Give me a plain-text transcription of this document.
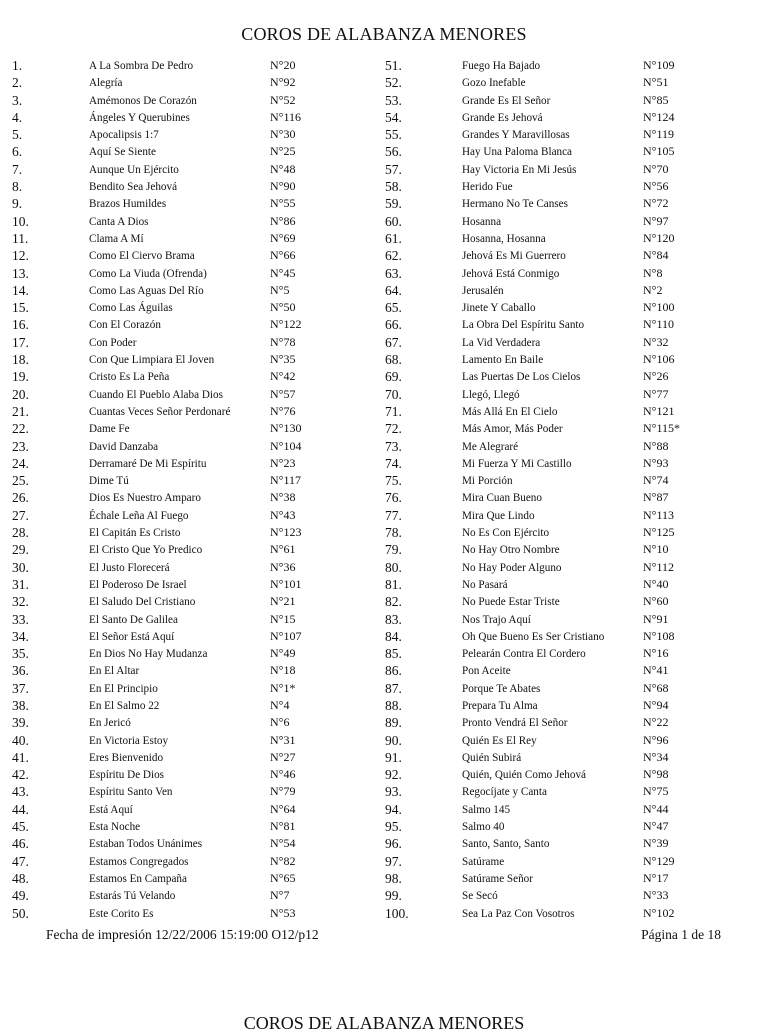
COROS DE ALABANZA MENORES
1.	A La Sombra De Pedro	N°20
2.	Alegría	N°92
3.	Amémonos De Corazón	N°52
4.	Ángeles Y Querubines	N°116
5.	Apocalipsis 1:7	N°30
6.	Aquí Se Siente	N°25
7.	Aunque Un Ejército	N°48
8.	Bendito Sea Jehová	N°90
9.	Brazos Humildes	N°55
10.	Canta A Dios	N°86
11.	Clama A Mí	N°69
12.	Como El Ciervo Brama	N°66
13.	Como La Viuda (Ofrenda)	N°45
14.	Como Las Aguas Del Río	N°5
15.	Como Las Águilas	N°50
16.	Con El Corazón	N°122
17.	Con Poder	N°78
18.	Con Que Limpiara El Joven	N°35
19.	Cristo Es La Peña	N°42
20.	Cuando El Pueblo Alaba Dios	N°57
21.	Cuantas Veces Señor Perdonaré	N°76
22.	Dame Fe	N°130
23.	David Danzaba	N°104
24.	Derramaré De Mi Espíritu	N°23
25.	Dime Tú	N°117
26.	Dios Es Nuestro Amparo	N°38
27.	Échale Leña Al Fuego	N°43
28.	El Capitán Es Cristo	N°123
29.	El Cristo Que Yo Predico	N°61
30.	El Justo Florecerá	N°36
31.	El Poderoso De Israel	N°101
32.	El Saludo Del Cristiano	N°21
33.	El Santo De Galilea	N°15
34.	El Señor Está Aquí	N°107
35.	En Dios No Hay Mudanza	N°49
36.	En El Altar	N°18
37.	En El Principio	N°1*
38.	En El Salmo 22	N°4
39.	En Jericó	N°6
40.	En Victoria Estoy	N°31
41.	Eres Bienvenido	N°27
42.	Espíritu De Dios	N°46
43.	Espíritu Santo Ven	N°79
44.	Está Aquí	N°64
45.	Esta Noche	N°81
46.	Estaban Todos Unánimes	N°54
47.	Estamos Congregados	N°82
48.	Estamos En Campaña	N°65
49.	Estarás Tú Velando	N°7
50.	Este Corito Es	N°53
51.	Fuego Ha Bajado	N°109
52.	Gozo Inefable	N°51
53.	Grande Es El Señor	N°85
54.	Grande Es Jehová	N°124
55.	Grandes Y Maravillosas	N°119
56.	Hay Una Paloma Blanca	N°105
57.	Hay Victoria En Mi Jesús	N°70
58.	Herido Fue	N°56
59.	Hermano No Te Canses	N°72
60.	Hosanna	N°97
61.	Hosanna, Hosanna	N°120
62.	Jehová Es Mi Guerrero	N°84
63.	Jehová Está Conmigo	N°8
64.	Jerusalén	N°2
65.	Jinete Y Caballo	N°100
66.	La Obra Del Espíritu Santo	N°110
67.	La Vid Verdadera	N°32
68.	Lamento En Baile	N°106
69.	Las Puertas De Los Cielos	N°26
70.	Llegó, Llegó	N°77
71.	Más Allá En El Cielo	N°121
72.	Más Amor, Más Poder	N°115*
73.	Me Alegraré	N°88
74.	Mi Fuerza Y Mi Castillo	N°93
75.	Mi Porción	N°74
76.	Mira Cuan Bueno	N°87
77.	Mira Que Lindo	N°113
78.	No Es Con Ejército	N°125
79.	No Hay Otro Nombre	N°10
80.	No Hay Poder Alguno	N°112
81.	No Pasará	N°40
82.	No Puede Estar Triste	N°60
83.	Nos Trajo Aquí	N°91
84.	Oh Que Bueno Es Ser Cristiano	N°108
85.	Pelearán Contra El Cordero	N°16
86.	Pon Aceite	N°41
87.	Porque Te Abates	N°68
88.	Prepara Tu Alma	N°94
89.	Pronto Vendrá El Señor	N°22
90.	Quién Es El Rey	N°96
91.	Quién Subirá	N°34
92.	Quién, Quién Como Jehová	N°98
93.	Regocíjate y Canta	N°75
94.	Salmo 145	N°44
95.	Salmo 40	N°47
96.	Santo, Santo, Santo	N°39
97.	Satúrame	N°129
98.	Satúrame Señor	N°17
99.	Se Secó	N°33
100.	Sea La Paz Con Vosotros	N°102
Fecha de impresión 12/22/2006 15:19:00 O12/p12	Página 1 de 18
COROS DE ALABANZA MENORES
